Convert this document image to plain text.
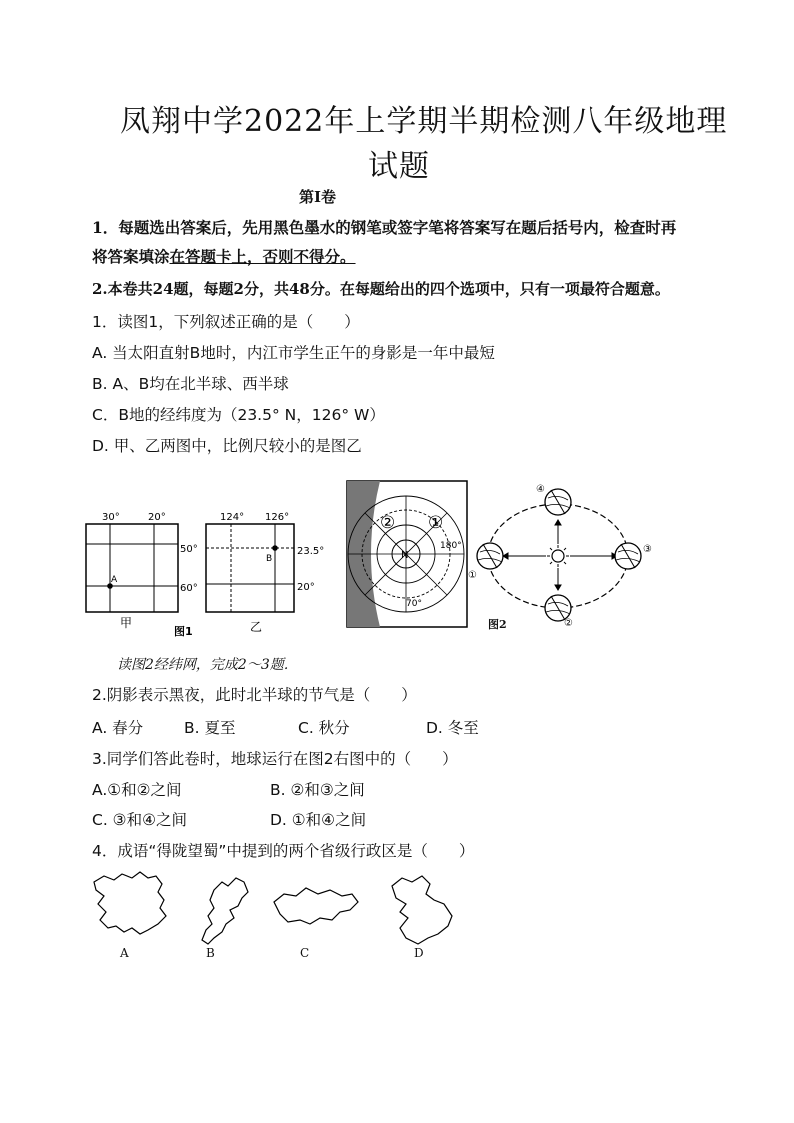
凤翔中学2022年上学期半期检测八年级地理
试题
第Ⅰ卷
1．每题选出答案后，先用黑色墨水的钢笔或签字笔将答案写在题后括号内，检查时再
将答案填涂在答题卡上，否则不得分。
2.本卷共24题，每题2分，共48分。在每题给出的四个选项中，只有一项最符合题意。
1．读图1，下列叙述正确的是（　　）
A. 当太阳直射B地时，内江市学生正午的身影是一年中最短
B. A、B均在北半球、西半球
C．B地的经纬度为（23.5° N，126° W）
D. 甲、乙两图中，比例尺较小的是图乙
30°	20°
50°
60°
A
甲
124° 126°
23.5°
20°
B
乙
图1
N
② ①
180°
70°
④
②
①
③
图2
读图2经纬网，完成2～3题．
2.阴影表示黑夜，此时北半球的节气是（　　）
A. 春分	B. 夏至	C. 秋分	D. 冬至
3.同学们答此卷时，地球运行在图2右图中的（　　）
A.①和②之间	B. ②和③之间
C. ③和④之间	D. ①和④之间
4．成语“得陇望蜀”中提到的两个省级行政区是（　　）
A	B	C	D
